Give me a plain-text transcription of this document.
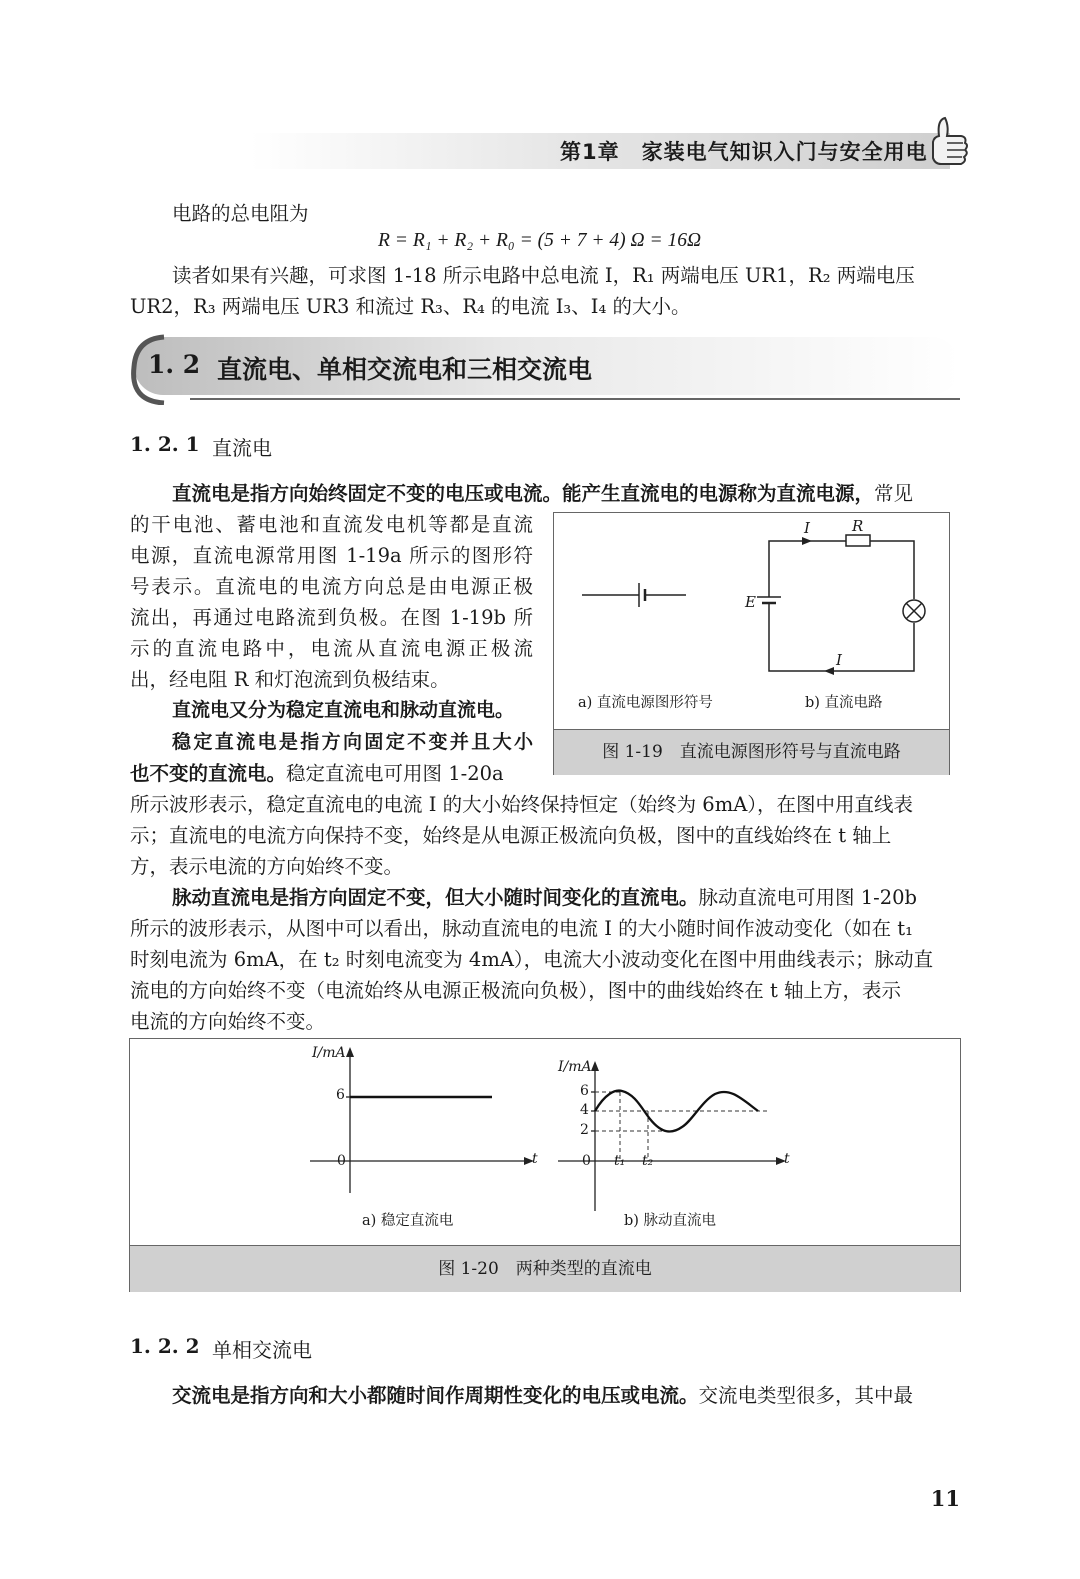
第1章　家装电气知识入门与安全用电
电路的总电阻为
R = R₁ + R₂ + R₀ = (5 + 7 + 4) Ω = 16Ω
读者如果有兴趣，可求图 1-18 所示电路中总电流 I，R₁ 两端电压 UR1，R₂ 两端电压
UR2，R₃ 两端电压 UR3 和流过 R₃、R₄ 的电流 I₃、I₄ 的大小。
1. 2 直流电、单相交流电和三相交流电
1. 2. 1 直流电
直流电是指方向始终固定不变的电压或电流。能产生直流电的电源称为直流电源，常见
的干电池、蓄电池和直流发电机等都是直流
电源，直流电源常用图 1-19a 所示的图形符
号表示。直流电的电流方向总是由电源正极
流出，再通过电路流到负极。在图 1-19b 所
示的直流电路中，电流从直流电源正极流
出，经电阻 R 和灯泡流到负极结束。
直流电又分为稳定直流电和脉动直流电。
稳定直流电是指方向固定不变并且大小
也不变的直流电。稳定直流电可用图 1-20a
所示波形表示，稳定直流电的电流 I 的大小始终保持恒定（始终为 6mA），在图中用直线表
示；直流电的电流方向保持不变，始终是从电源正极流向负极，图中的直线始终在 t 轴上
方，表示电流的方向始终不变。
脉动直流电是指方向固定不变，但大小随时间变化的直流电。脉动直流电可用图 1-20b
所示的波形表示，从图中可以看出，脉动直流电的电流 I 的大小随时间作波动变化（如在 t₁
时刻电流为 6mA，在 t₂ 时刻电流变为 4mA），电流大小波动变化在图中用曲线表示；脉动直
流电的方向始终不变（电流始终从电源正极流向负极），图中的曲线始终在 t 轴上方，表示
电流的方向始终不变。
I	R
E
I
a) 直流电源图形符号	b) 直流电路
图 1-19　直流电源图形符号与直流电路
I/mA
6
0	t
I/mA
6
4
2
0 t₁ t₂	t
a) 稳定直流电	b) 脉动直流电
图 1-20　两种类型的直流电
1. 2. 2 单相交流电
交流电是指方向和大小都随时间作周期性变化的电压或电流。交流电类型很多，其中最
11
